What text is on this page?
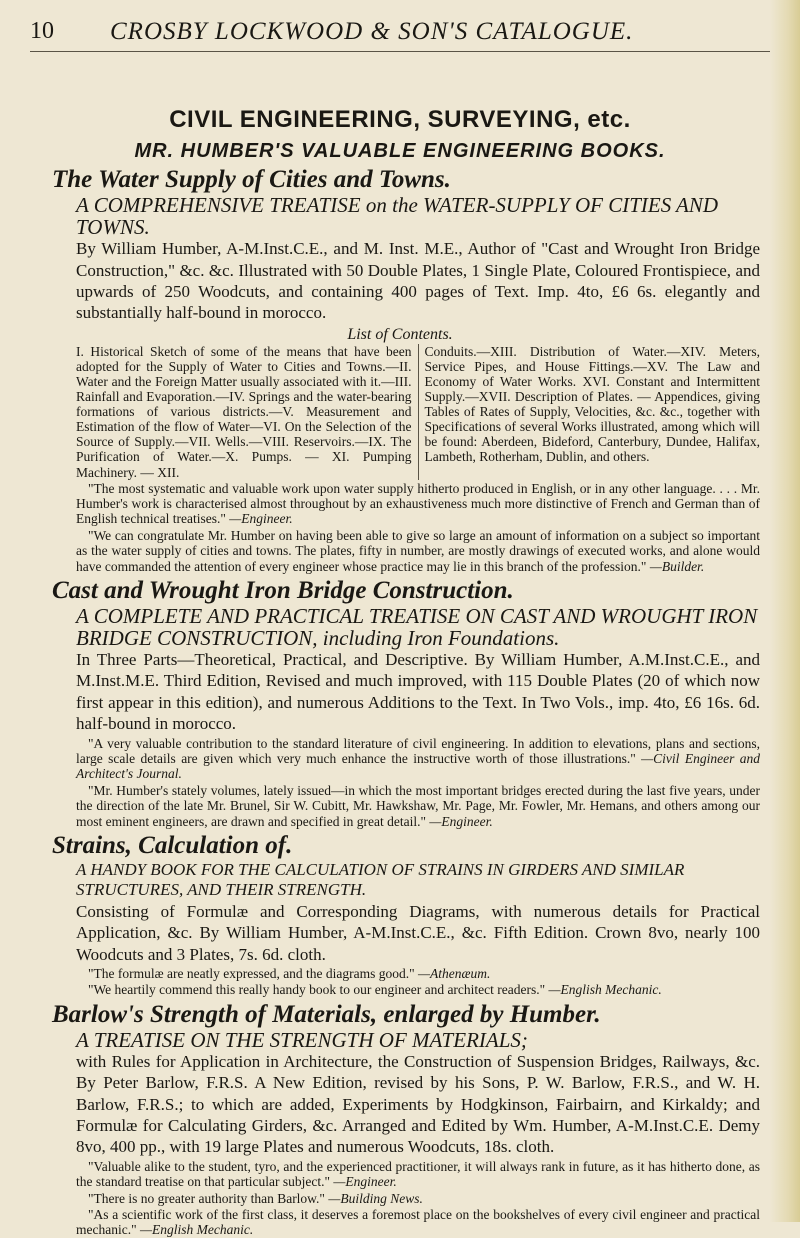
10 CROSBY LOCKWOOD & SON'S CATALOGUE.
CIVIL ENGINEERING, SURVEYING, etc.
MR. HUMBER'S VALUABLE ENGINEERING BOOKS.
The Water Supply of Cities and Towns.
A COMPREHENSIVE TREATISE on the WATER-SUPPLY OF CITIES AND TOWNS.
By William Humber, A-M.Inst.C.E., and M. Inst. M.E., Author of "Cast and Wrought Iron Bridge Construction," &c. &c. Illustrated with 50 Double Plates, 1 Single Plate, Coloured Frontispiece, and upwards of 250 Woodcuts, and containing 400 pages of Text. Imp. 4to, £6 6s. elegantly and substantially half-bound in morocco.
List of Contents.
I. Historical Sketch of some of the means that have been adopted for the Supply of Water to Cities and Towns.—II. Water and the Foreign Matter usually associated with it.—III. Rainfall and Evaporation.—IV. Springs and the water-bearing formations of various districts.—V. Measurement and Estimation of the flow of Water—VI. On the Selection of the Source of Supply.—VII. Wells.—VIII. Reservoirs.—IX. The Purification of Water.—X. Pumps. — XI. Pumping Machinery. — XII.
Conduits.—XIII. Distribution of Water.—XIV. Meters, Service Pipes, and House Fittings.—XV. The Law and Economy of Water Works. XVI. Constant and Intermittent Supply.—XVII. Description of Plates. — Appendices, giving Tables of Rates of Supply, Velocities, &c. &c., together with Specifications of several Works illustrated, among which will be found: Aberdeen, Bideford, Canterbury, Dundee, Halifax, Lambeth, Rotherham, Dublin, and others.
"The most systematic and valuable work upon water supply hitherto produced in English, or in any other language. . . . Mr. Humber's work is characterised almost throughout by an exhaustiveness much more distinctive of French and German than of English technical treatises." —Engineer.
"We can congratulate Mr. Humber on having been able to give so large an amount of information on a subject so important as the water supply of cities and towns. The plates, fifty in number, are mostly drawings of executed works, and alone would have commanded the attention of every engineer whose practice may lie in this branch of the profession." —Builder.
Cast and Wrought Iron Bridge Construction.
A COMPLETE AND PRACTICAL TREATISE ON CAST AND WROUGHT IRON BRIDGE CONSTRUCTION, including Iron Foundations.
In Three Parts—Theoretical, Practical, and Descriptive. By William Humber, A.M.Inst.C.E., and M.Inst.M.E. Third Edition, Revised and much improved, with 115 Double Plates (20 of which now first appear in this edition), and numerous Additions to the Text. In Two Vols., imp. 4to, £6 16s. 6d. half-bound in morocco.
"A very valuable contribution to the standard literature of civil engineering. In addition to elevations, plans and sections, large scale details are given which very much enhance the instructive worth of those illustrations." —Civil Engineer and Architect's Journal.
"Mr. Humber's stately volumes, lately issued—in which the most important bridges erected during the last five years, under the direction of the late Mr. Brunel, Sir W. Cubitt, Mr. Hawkshaw, Mr. Page, Mr. Fowler, Mr. Hemans, and others among our most eminent engineers, are drawn and specified in great detail." —Engineer.
Strains, Calculation of.
A HANDY BOOK FOR THE CALCULATION OF STRAINS IN GIRDERS AND SIMILAR STRUCTURES, AND THEIR STRENGTH.
Consisting of Formulæ and Corresponding Diagrams, with numerous details for Practical Application, &c. By William Humber, A-M.Inst.C.E., &c. Fifth Edition. Crown 8vo, nearly 100 Woodcuts and 3 Plates, 7s. 6d. cloth.
"The formulæ are neatly expressed, and the diagrams good." —Athenæum.
"We heartily commend this really handy book to our engineer and architect readers." —English Mechanic.
Barlow's Strength of Materials, enlarged by Humber.
A TREATISE ON THE STRENGTH OF MATERIALS;
with Rules for Application in Architecture, the Construction of Suspension Bridges, Railways, &c. By Peter Barlow, F.R.S. A New Edition, revised by his Sons, P. W. Barlow, F.R.S., and W. H. Barlow, F.R.S.; to which are added, Experiments by Hodgkinson, Fairbairn, and Kirkaldy; and Formulæ for Calculating Girders, &c. Arranged and Edited by Wm. Humber, A-M.Inst.C.E. Demy 8vo, 400 pp., with 19 large Plates and numerous Woodcuts, 18s. cloth.
"Valuable alike to the student, tyro, and the experienced practitioner, it will always rank in future, as it has hitherto done, as the standard treatise on that particular subject." —Engineer.
"There is no greater authority than Barlow." —Building News.
"As a scientific work of the first class, it deserves a foremost place on the bookshelves of every civil engineer and practical mechanic." —English Mechanic.
